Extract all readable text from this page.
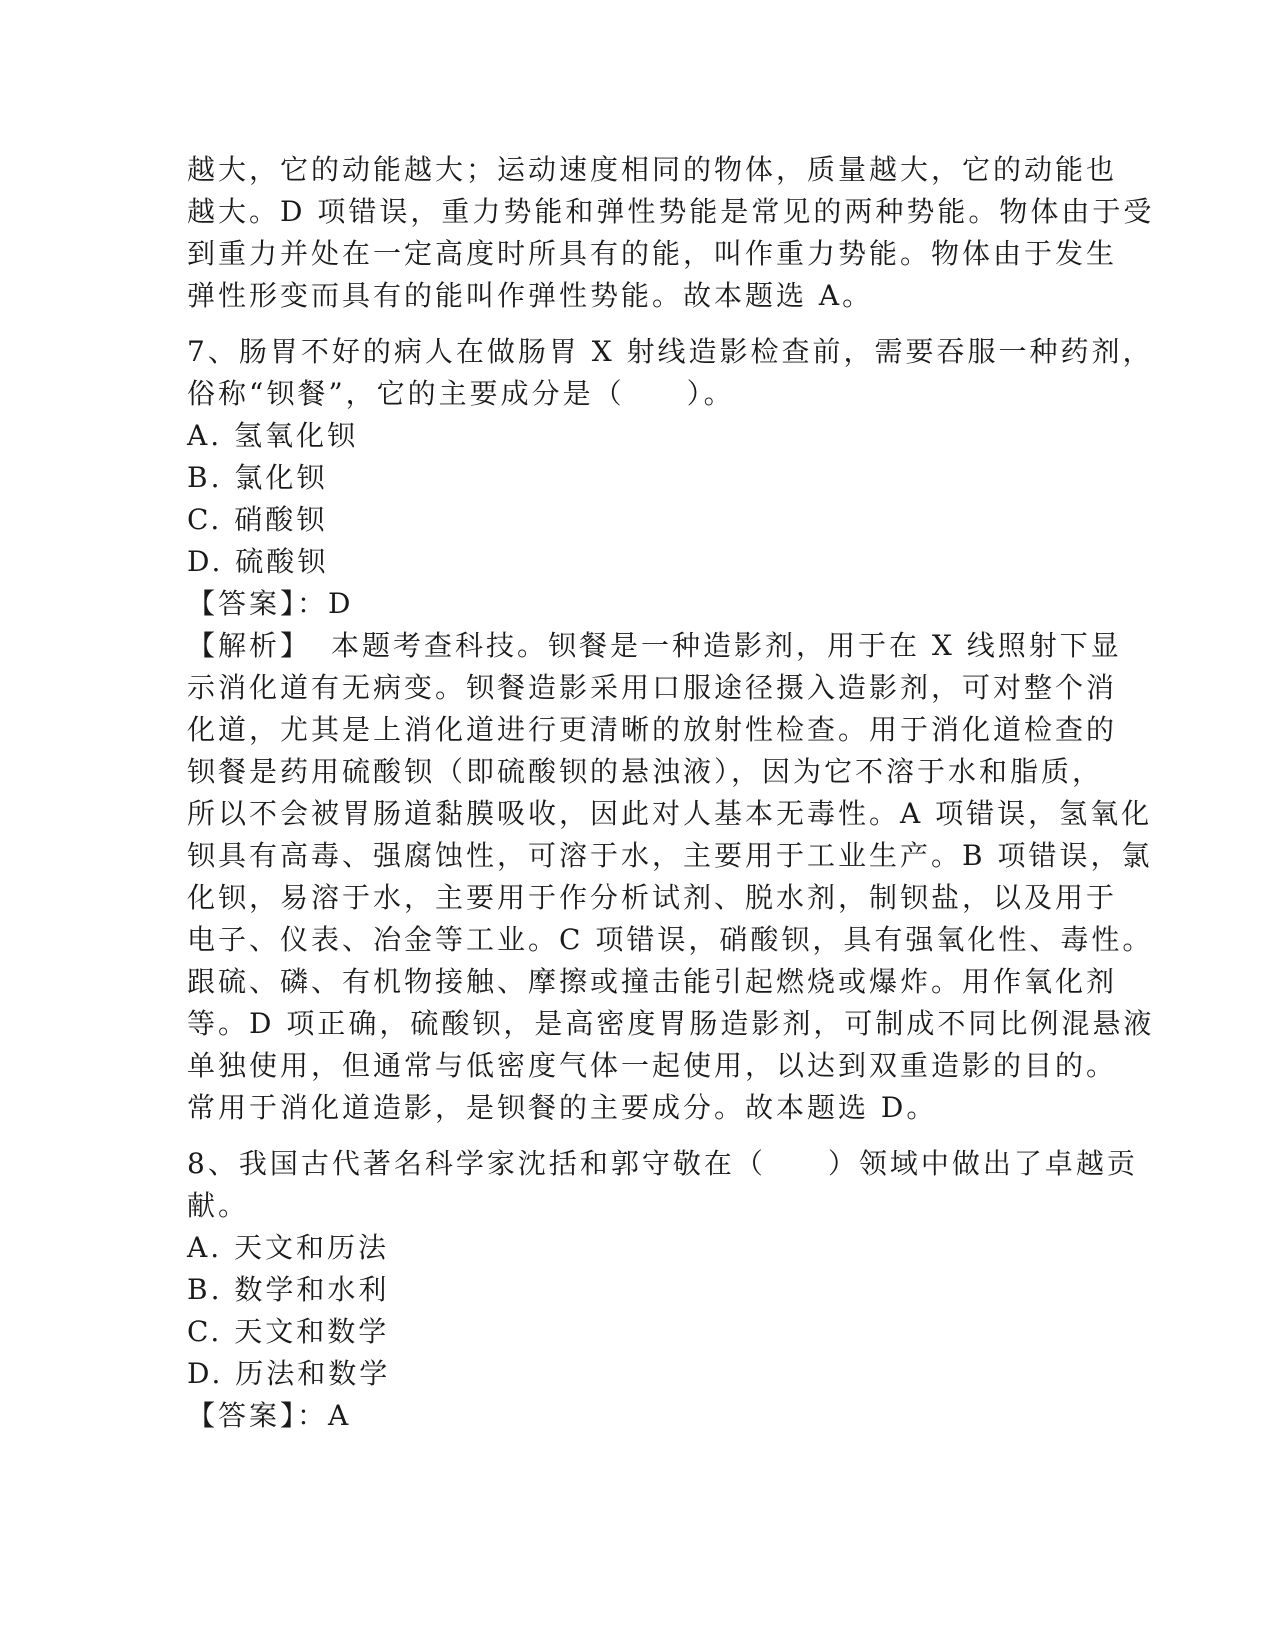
越大，它的动能越大；运动速度相同的物体，质量越大，它的动能也
越大。D 项错误，重力势能和弹性势能是常见的两种势能。物体由于受
到重力并处在一定高度时所具有的能，叫作重力势能。物体由于发生
弹性形变而具有的能叫作弹性势能。故本题选 A。
7、肠胃不好的病人在做肠胃 X 射线造影检查前，需要吞服一种药剂，
俗称“钡餐”，它的主要成分是（　　）。
A. 氢氧化钡
B. 氯化钡
C. 硝酸钡
D. 硫酸钡
【答案】：D
【解析】 本题考查科技。钡餐是一种造影剂，用于在 X 线照射下显
示消化道有无病变。钡餐造影采用口服途径摄入造影剂，可对整个消
化道，尤其是上消化道进行更清晰的放射性检查。用于消化道检查的
钡餐是药用硫酸钡（即硫酸钡的悬浊液），因为它不溶于水和脂质，
所以不会被胃肠道黏膜吸收，因此对人基本无毒性。A 项错误，氢氧化
钡具有高毒、强腐蚀性，可溶于水，主要用于工业生产。B 项错误，氯
化钡，易溶于水，主要用于作分析试剂、脱水剂，制钡盐，以及用于
电子、仪表、冶金等工业。C 项错误，硝酸钡，具有强氧化性、毒性。
跟硫、磷、有机物接触、摩擦或撞击能引起燃烧或爆炸。用作氧化剂
等。D 项正确，硫酸钡，是高密度胃肠造影剂，可制成不同比例混悬液
单独使用，但通常与低密度气体一起使用，以达到双重造影的目的。
常用于消化道造影，是钡餐的主要成分。故本题选 D。
8、我国古代著名科学家沈括和郭守敬在（　　）领域中做出了卓越贡
献。
A. 天文和历法
B. 数学和水利
C. 天文和数学
D. 历法和数学
【答案】：A
